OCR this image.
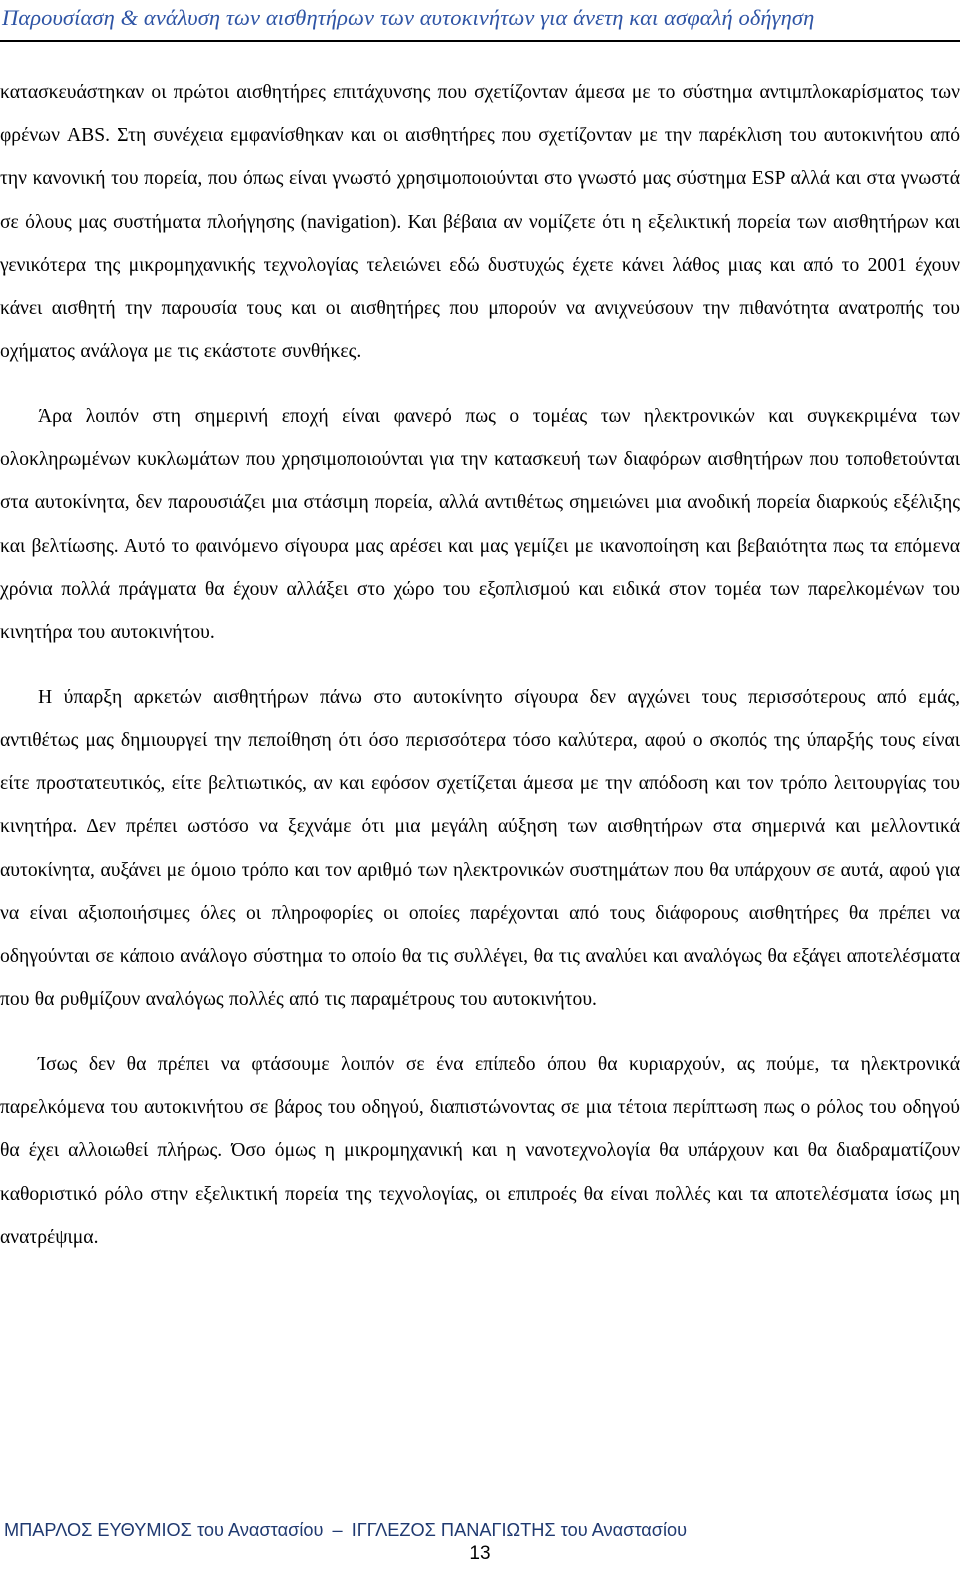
Παρουσίαση & ανάλυση των αισθητήρων των αυτοκινήτων για άνετη και ασφαλή οδήγηση

κατασκευάστηκαν οι πρώτοι αισθητήρες επιτάχυνσης που σχετίζονταν άμεσα με το σύστημα αντιμπλοκαρίσματος των φρένων ABS. Στη συνέχεια εμφανίσθηκαν και οι αισθητήρες που σχετίζονταν με την παρέκλιση του αυτοκινήτου από την κανονική του πορεία, που όπως είναι γνωστό χρησιμοποιούνται στο γνωστό μας σύστημα ESP αλλά και στα γνωστά σε όλους μας συστήματα πλοήγησης (navigation). Και βέβαια αν νομίζετε ότι η εξελικτική πορεία των αισθητήρων και γενικότερα της μικρομηχανικής τεχνολογίας τελειώνει εδώ δυστυχώς έχετε κάνει λάθος μιας και από το 2001 έχουν κάνει αισθητή την παρουσία τους και οι αισθητήρες που μπορούν να ανιχνεύσουν την πιθανότητα ανατροπής του οχήματος ανάλογα με τις εκάστοτε συνθήκες.

Άρα λοιπόν στη σημερινή εποχή είναι φανερό πως ο τομέας των ηλεκτρονικών και συγκεκριμένα των ολοκληρωμένων κυκλωμάτων που χρησιμοποιούνται για την κατασκευή των διαφόρων αισθητήρων που τοποθετούνται στα αυτοκίνητα, δεν παρουσιάζει μια στάσιμη πορεία, αλλά αντιθέτως σημειώνει μια ανοδική πορεία διαρκούς εξέλιξης και βελτίωσης. Αυτό το φαινόμενο σίγουρα μας αρέσει και μας γεμίζει με ικανοποίηση και βεβαιότητα πως τα επόμενα χρόνια πολλά πράγματα θα έχουν αλλάξει στο χώρο του εξοπλισμού και ειδικά στον τομέα των παρελκομένων του κινητήρα του αυτοκινήτου.

Η ύπαρξη αρκετών αισθητήρων πάνω στο αυτοκίνητο σίγουρα δεν αγχώνει τους περισσότερους από εμάς, αντιθέτως μας δημιουργεί την πεποίθηση ότι όσο περισσότερα τόσο καλύτερα, αφού ο σκοπός της ύπαρξής τους είναι είτε προστατευτικός, είτε βελτιωτικός, αν και εφόσον σχετίζεται άμεσα με την απόδοση και τον τρόπο λειτουργίας του κινητήρα. Δεν πρέπει ωστόσο να ξεχνάμε ότι μια μεγάλη αύξηση των αισθητήρων στα σημερινά και μελλοντικά αυτοκίνητα, αυξάνει με όμοιο τρόπο και τον αριθμό των ηλεκτρονικών συστημάτων που θα υπάρχουν σε αυτά, αφού για να είναι αξιοποιήσιμες όλες οι πληροφορίες οι οποίες παρέχονται από τους διάφορους αισθητήρες θα πρέπει να οδηγούνται σε κάποιο ανάλογο σύστημα το οποίο θα τις συλλέγει, θα τις αναλύει και αναλόγως θα εξάγει αποτελέσματα που θα ρυθμίζουν αναλόγως πολλές από τις παραμέτρους του αυτοκινήτου.

Ίσως δεν θα πρέπει να φτάσουμε λοιπόν σε ένα επίπεδο όπου θα κυριαρχούν, ας πούμε, τα ηλεκτρονικά παρελκόμενα του αυτοκινήτου σε βάρος του οδηγού, διαπιστώνοντας σε μια τέτοια περίπτωση πως ο ρόλος του οδηγού θα έχει αλλοιωθεί πλήρως. Όσο όμως η μικρομηχανική και η νανοτεχνολογία θα υπάρχουν και θα διαδραματίζουν καθοριστικό ρόλο στην εξελικτική πορεία της τεχνολογίας, οι επιπροές θα είναι πολλές και τα αποτελέσματα ίσως μη ανατρέψιμα.

ΜΠΑΡΛΟΣ ΕΥΘΥΜΙΟΣ του Αναστασίου – ΙΓΓΛΕΖΟΣ ΠΑΝΑΓΙΩΤΗΣ του Αναστασίου
13
